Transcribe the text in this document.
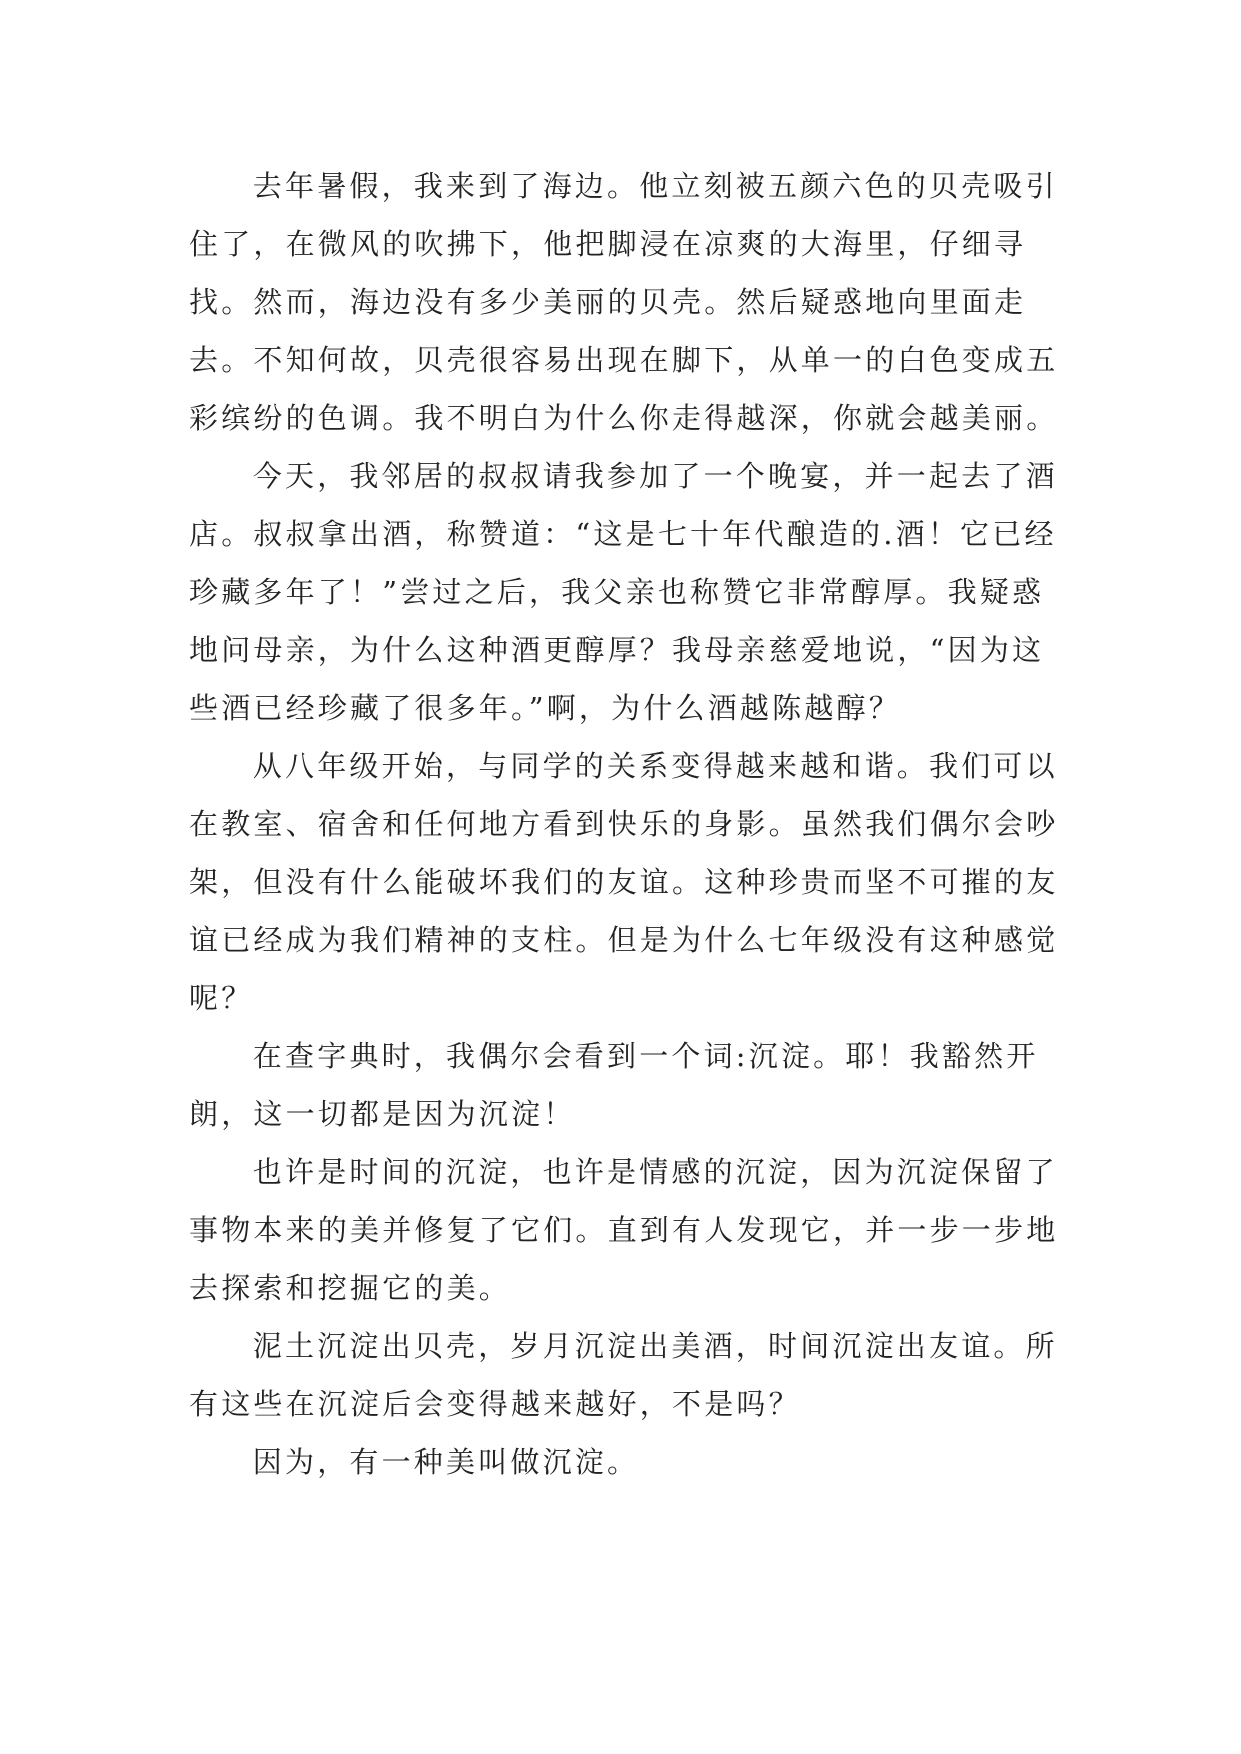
去年暑假，我来到了海边。他立刻被五颜六色的贝壳吸引住了，在微风的吹拂下，他把脚浸在凉爽的大海里，仔细寻找。然而，海边没有多少美丽的贝壳。然后疑惑地向里面走去。不知何故，贝壳很容易出现在脚下，从单一的白色变成五彩缤纷的色调。我不明白为什么你走得越深，你就会越美丽。

今天，我邻居的叔叔请我参加了一个晚宴，并一起去了酒店。叔叔拿出酒，称赞道：“这是七十年代酿造的.酒！它已经珍藏多年了！”尝过之后，我父亲也称赞它非常醇厚。我疑惑地问母亲，为什么这种酒更醇厚？我母亲慈爱地说，“因为这些酒已经珍藏了很多年。”啊，为什么酒越陈越醇？

从八年级开始，与同学的关系变得越来越和谐。我们可以在教室、宿舍和任何地方看到快乐的身影。虽然我们偶尔会吵架，但没有什么能破坏我们的友谊。这种珍贵而坚不可摧的友谊已经成为我们精神的支柱。但是为什么七年级没有这种感觉呢？

在查字典时，我偶尔会看到一个词:沉淀。耶！我豁然开朗，这一切都是因为沉淀！

也许是时间的沉淀，也许是情感的沉淀，因为沉淀保留了事物本来的美并修复了它们。直到有人发现它，并一步一步地去探索和挖掘它的美。

泥土沉淀出贝壳，岁月沉淀出美酒，时间沉淀出友谊。所有这些在沉淀后会变得越来越好，不是吗？

因为，有一种美叫做沉淀。
